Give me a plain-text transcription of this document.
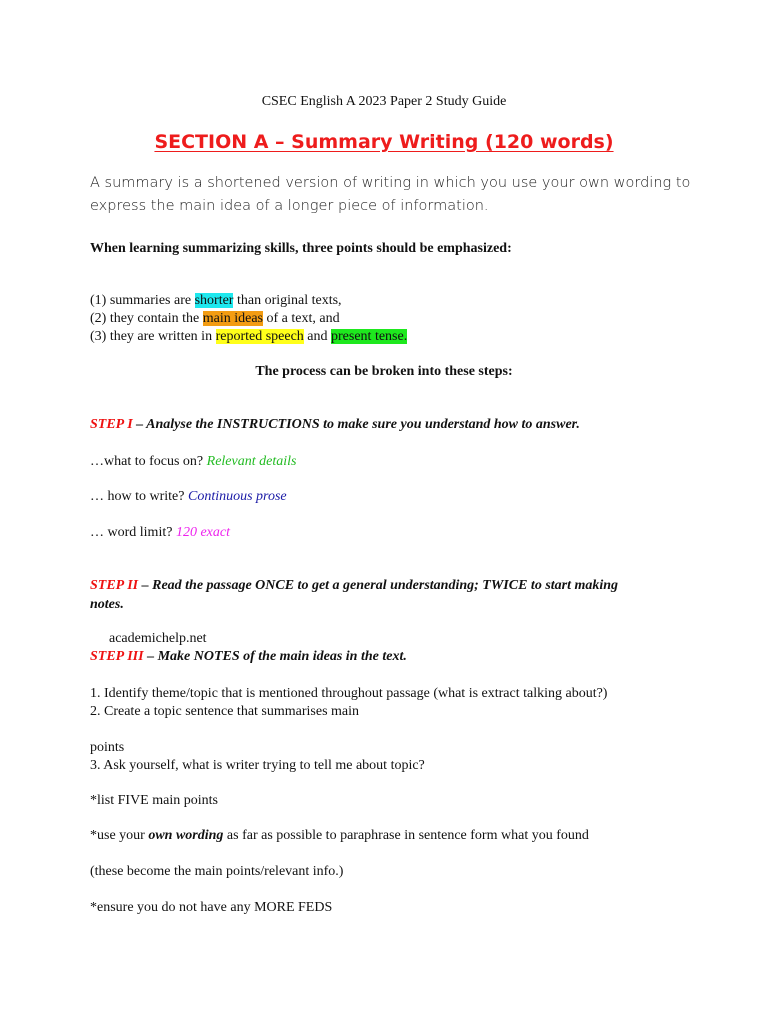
CSEC English A 2023 Paper 2 Study Guide
SECTION A – Summary Writing (120 words)
A summary is a shortened version of writing in which you use your own wording to
express the main idea of a longer piece of information.
When learning summarizing skills, three points should be emphasized:
(1) summaries are shorter than original texts,
(2) they contain the main ideas of a text, and
(3) they are written in reported speech and present tense.
The process can be broken into these steps:
STEP I – Analyse the INSTRUCTIONS to make sure you understand how to answer.
…what to focus on? Relevant details
… how to write? Continuous prose
… word limit? 120 exact
STEP II – Read the passage ONCE to get a general understanding; TWICE to start making
notes.
academichelp.net
STEP III – Make NOTES of the main ideas in the text.
1. Identify theme/topic that is mentioned throughout passage (what is extract talking about?)
2. Create a topic sentence that summarises main
points
3. Ask yourself, what is writer trying to tell me about topic?
*list FIVE main points
*use your own wording as far as possible to paraphrase in sentence form what you found
(these become the main points/relevant info.)
*ensure you do not have any MORE FEDS
